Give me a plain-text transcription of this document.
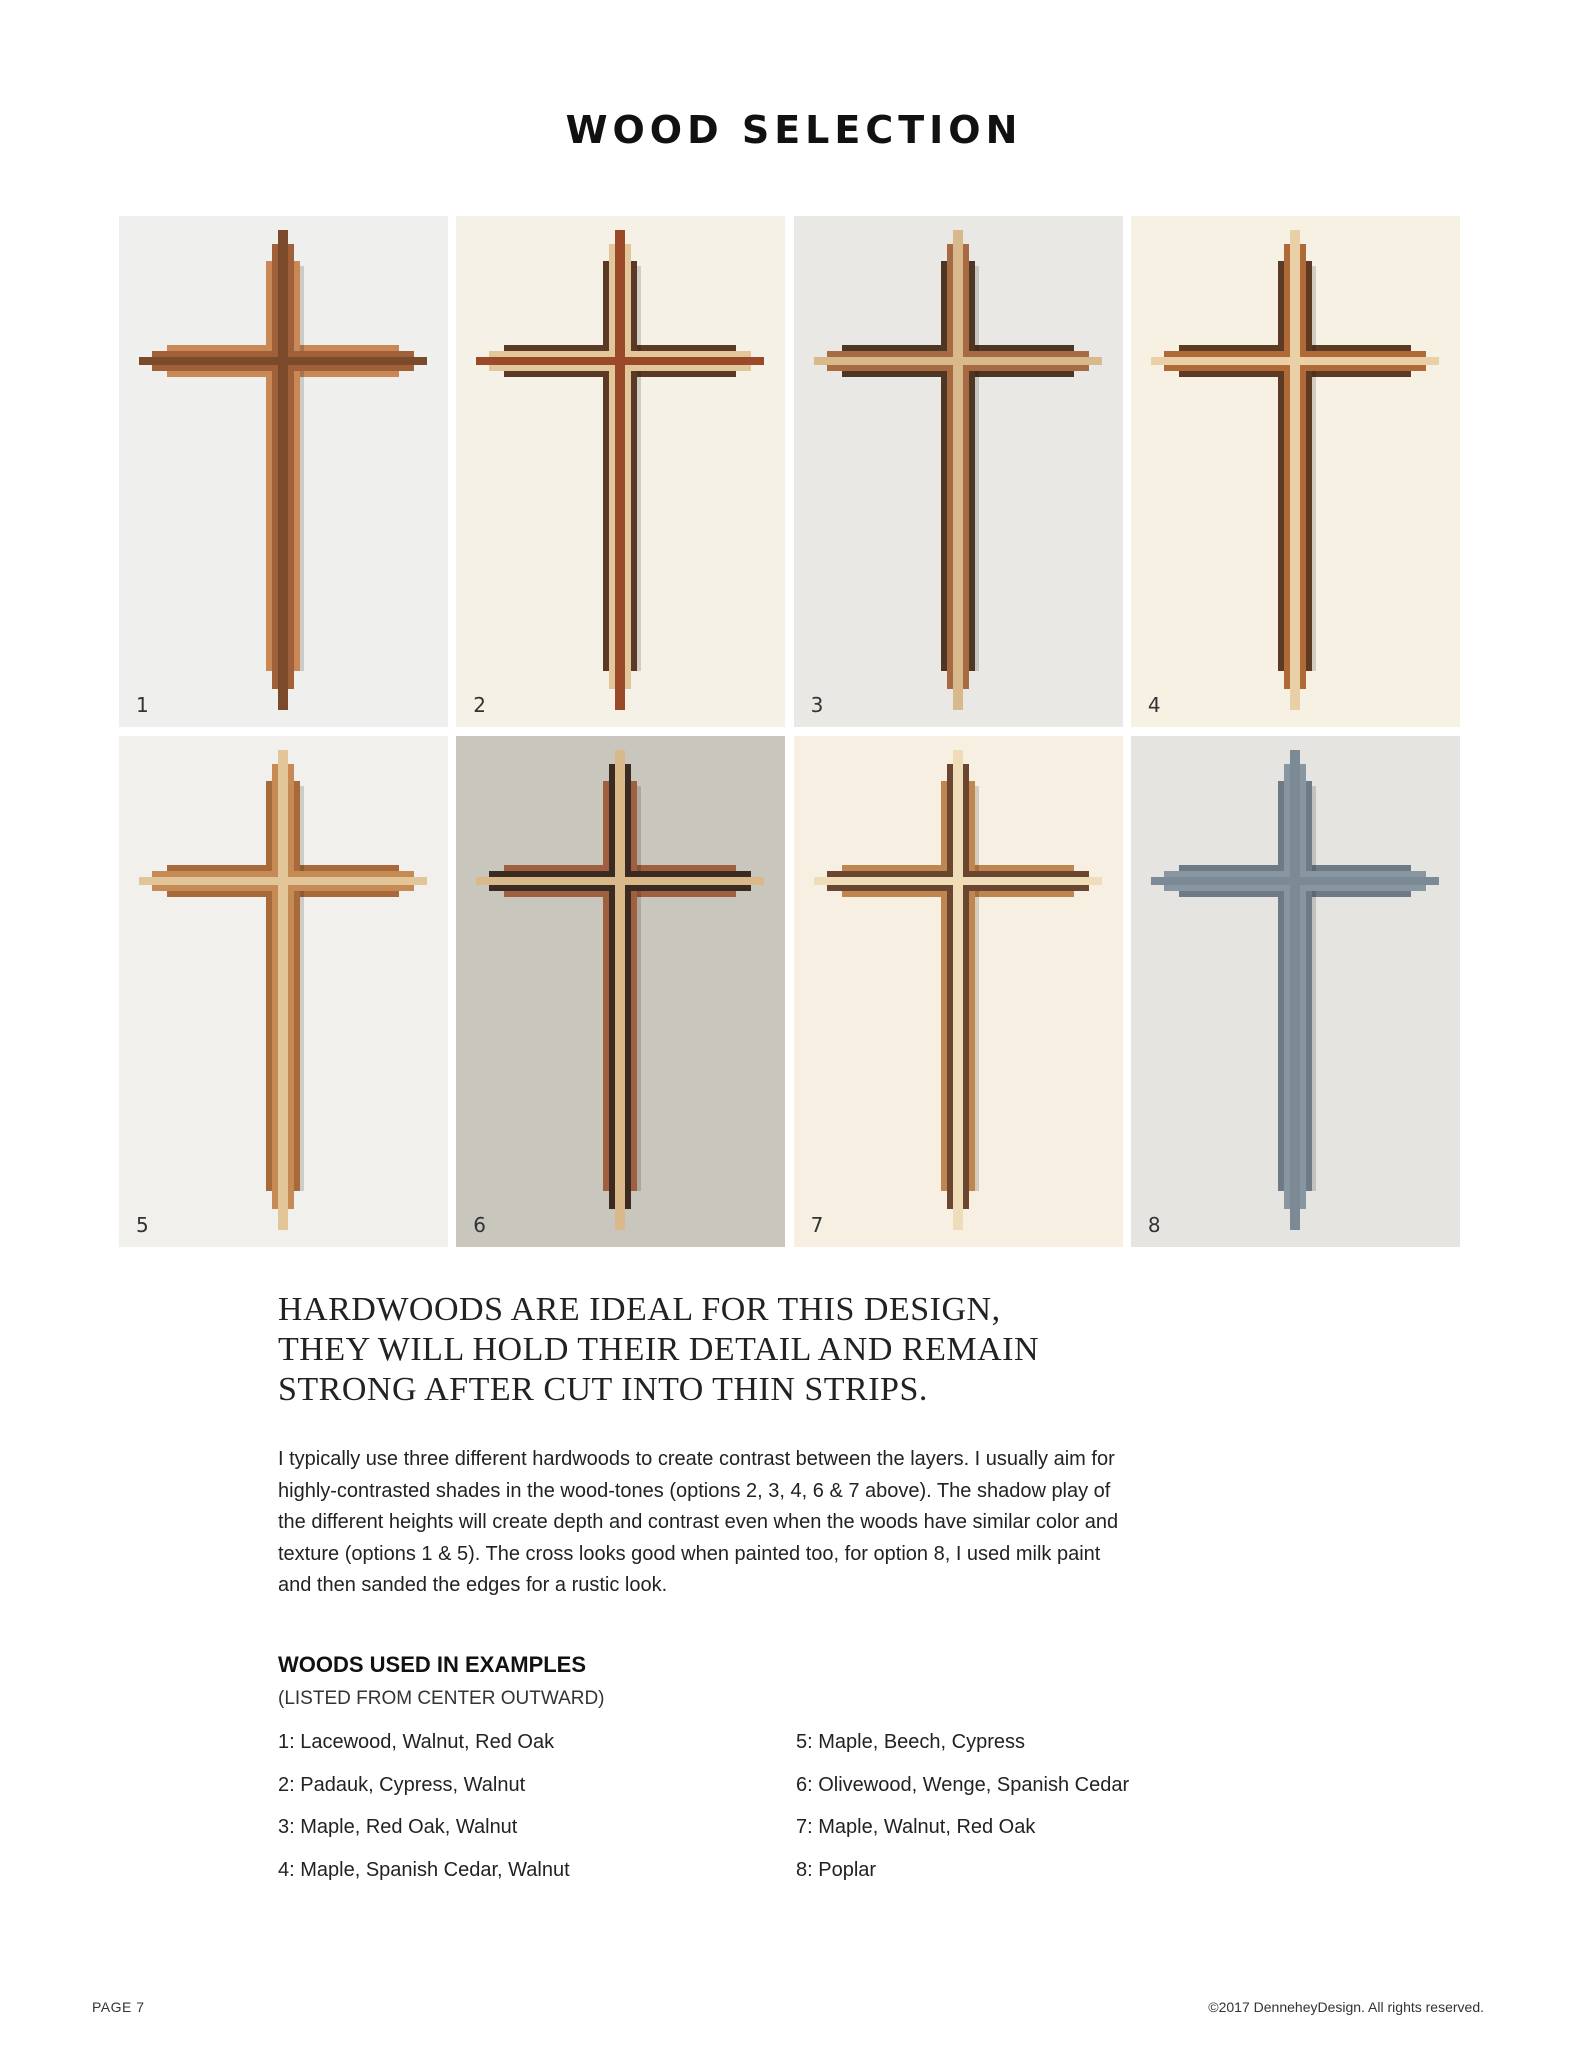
WOOD SELECTION
1	2	3	4
5	6	7	8
HARDWOODS ARE IDEAL FOR THIS DESIGN,
THEY WILL HOLD THEIR DETAIL AND REMAIN
STRONG AFTER CUT INTO THIN STRIPS.
I typically use three different hardwoods to create contrast between the layers. I usually aim for
highly-contrasted shades in the wood-tones (options 2, 3, 4, 6 & 7 above). The shadow play of
the different heights will create depth and contrast even when the woods have similar color and
texture (options 1 & 5). The cross looks good when painted too, for option 8, I used milk paint
and then sanded the edges for a rustic look.
WOODS USED IN EXAMPLES
(LISTED FROM CENTER OUTWARD)
1: Lacewood, Walnut, Red Oak
2: Padauk, Cypress, Walnut
3: Maple, Red Oak, Walnut
4: Maple, Spanish Cedar, Walnut
5: Maple, Beech, Cypress
6: Olivewood, Wenge, Spanish Cedar
7: Maple, Walnut, Red Oak
8: Poplar
PAGE 7	©2017 DenneheyDesign. All rights reserved.
